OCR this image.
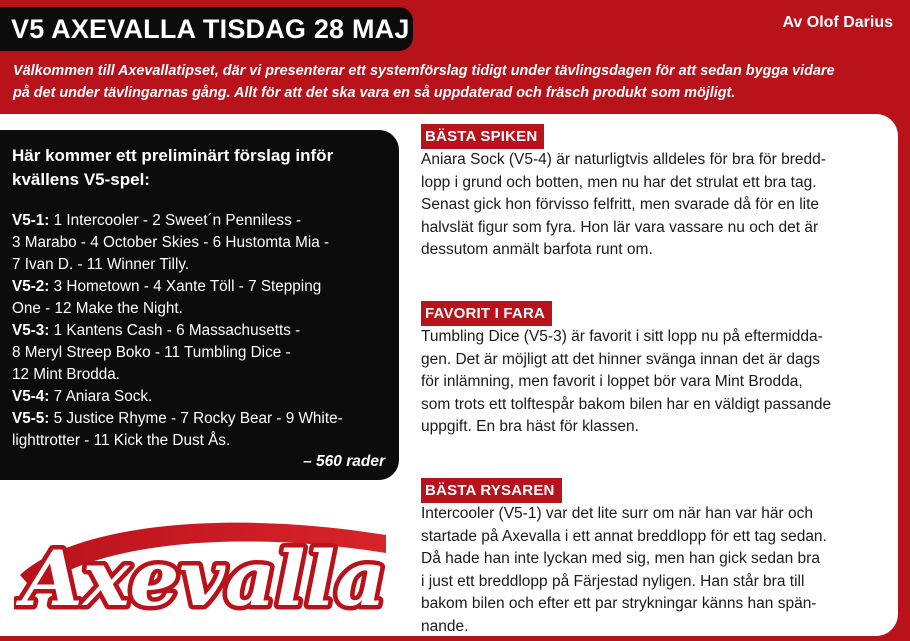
V5 AXEVALLA TISDAG 28 MAJ	Av Olof Darius
Välkommen till Axevallatipset, där vi presenterar ett systemförslag tidigt under tävlingsdagen för att sedan bygga vidare
på det under tävlingarnas gång. Allt för att det ska vara en så uppdaterad och fräsch produkt som möjligt.
Här kommer ett preliminärt förslag inför
kvällens V5-spel:
V5-1: 1 Intercooler - 2 Sweet´n Penniless -
3 Marabo - 4 October Skies - 6 Hustomta Mia -
7 Ivan D. - 11 Winner Tilly.
V5-2: 3 Hometown - 4 Xante Töll - 7 Stepping
One - 12 Make the Night.
V5-3: 1 Kantens Cash - 6 Massachusetts -
8 Meryl Streep Boko - 11 Tumbling Dice -
12 Mint Brodda.
V5-4: 7 Aniara Sock.
V5-5: 5 Justice Rhyme - 7 Rocky Bear - 9 White-
lighttrotter - 11 Kick the Dust Ås.
– 560 rader
Axevalla
BÄSTA SPIKEN
Aniara Sock (V5-4) är naturligtvis alldeles för bra för bredd-
lopp i grund och botten, men nu har det strulat ett bra tag.
Senast gick hon förvisso felfritt, men svarade då för en lite
halvslät figur som fyra. Hon lär vara vassare nu och det är
dessutom anmält barfota runt om.
FAVORIT I FARA
Tumbling Dice (V5-3) är favorit i sitt lopp nu på eftermidda-
gen. Det är möjligt att det hinner svänga innan det är dags
för inlämning, men favorit i loppet bör vara Mint Brodda,
som trots ett tolftespår bakom bilen har en väldigt passande
uppgift. En bra häst för klassen.
BÄSTA RYSAREN
Intercooler (V5-1) var det lite surr om när han var här och
startade på Axevalla i ett annat breddlopp för ett tag sedan.
Då hade han inte lyckan med sig, men han gick sedan bra
i just ett breddlopp på Färjestad nyligen. Han står bra till
bakom bilen och efter ett par strykningar känns han spän-
nande.
